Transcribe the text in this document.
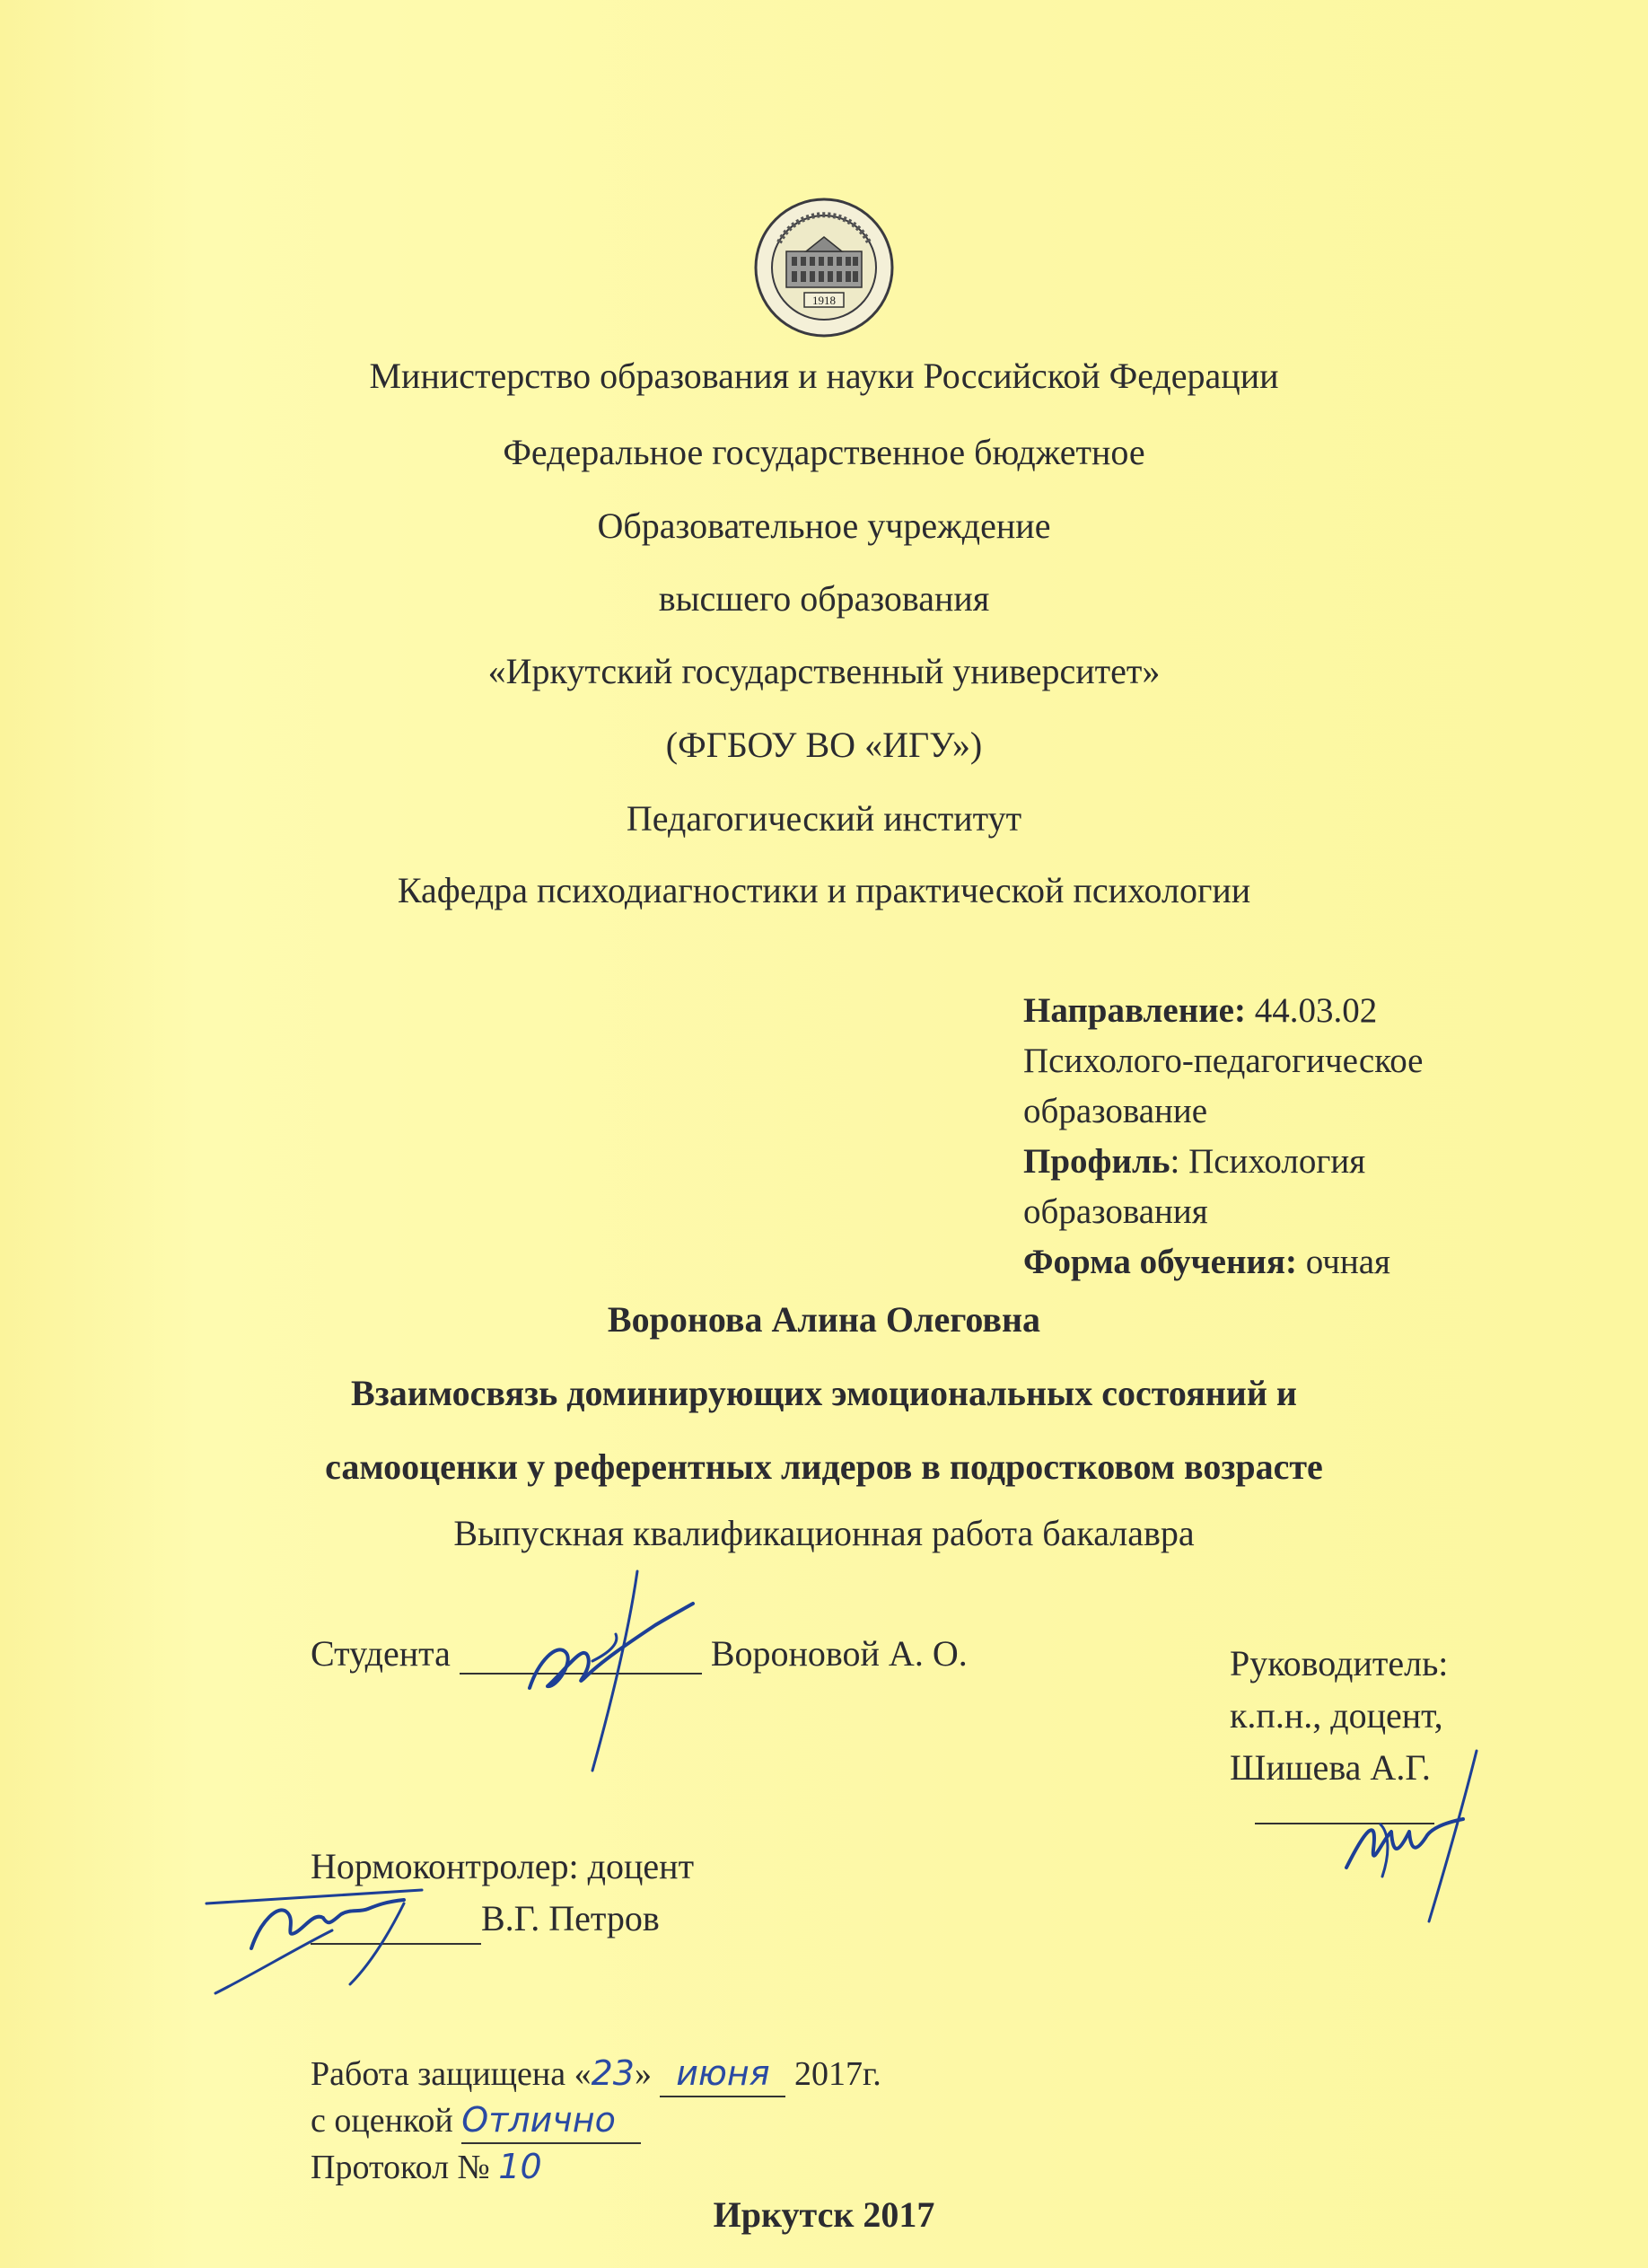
1918
Министерство образования и науки Российской Федерации
Федеральное государственное бюджетное
Образовательное учреждение
высшего образования
«Иркутский государственный университет»
(ФГБОУ ВО «ИГУ»)
Педагогический институт
Кафедра психодиагностики и практической психологии
Направление: 44.03.02
Психолого-педагогическое
образование
Профиль: Психология
образования
Форма обучения: очная
Воронова Алина Олеговна
Взаимосвязь доминирующих эмоциональных состояний и
самооценки у референтных лидеров в подростковом возрасте
Выпускная квалификационная работа бакалавра
Студента	Вороновой А. О.	Руководитель:
к.п.н., доцент,
Шишева А.Г.
Нормоконтролер: доцент
В.Г. Петров
Работа защищена «23» июня 2017г.
с оценкой Отлично
Протокол № 10
Иркутск 2017
